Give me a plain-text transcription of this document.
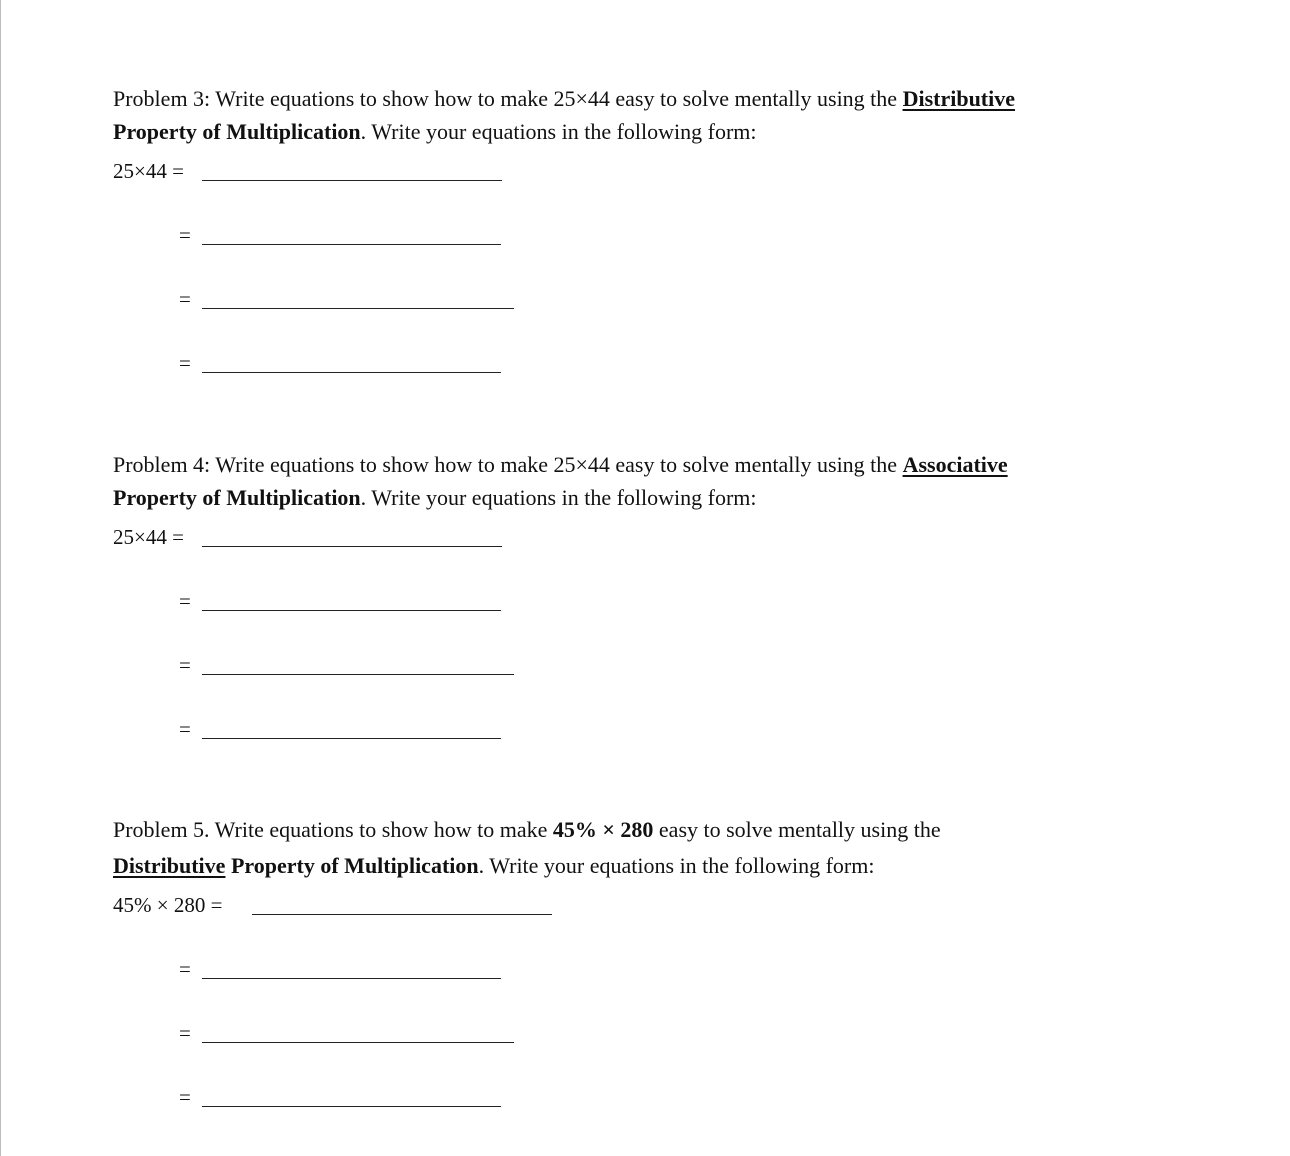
Problem 3: Write equations to show how to make 25×44 easy to solve mentally using the Distributive
Property of Multiplication. Write your equations in the following form:

25×44 =
=
=
=

Problem 4: Write equations to show how to make 25×44 easy to solve mentally using the Associative
Property of Multiplication. Write your equations in the following form:

25×44 =
=
=
=

Problem 5. Write equations to show how to make 45% × 280 easy to solve mentally using the
Distributive Property of Multiplication. Write your equations in the following form:

45% × 280 =
=
=
=
